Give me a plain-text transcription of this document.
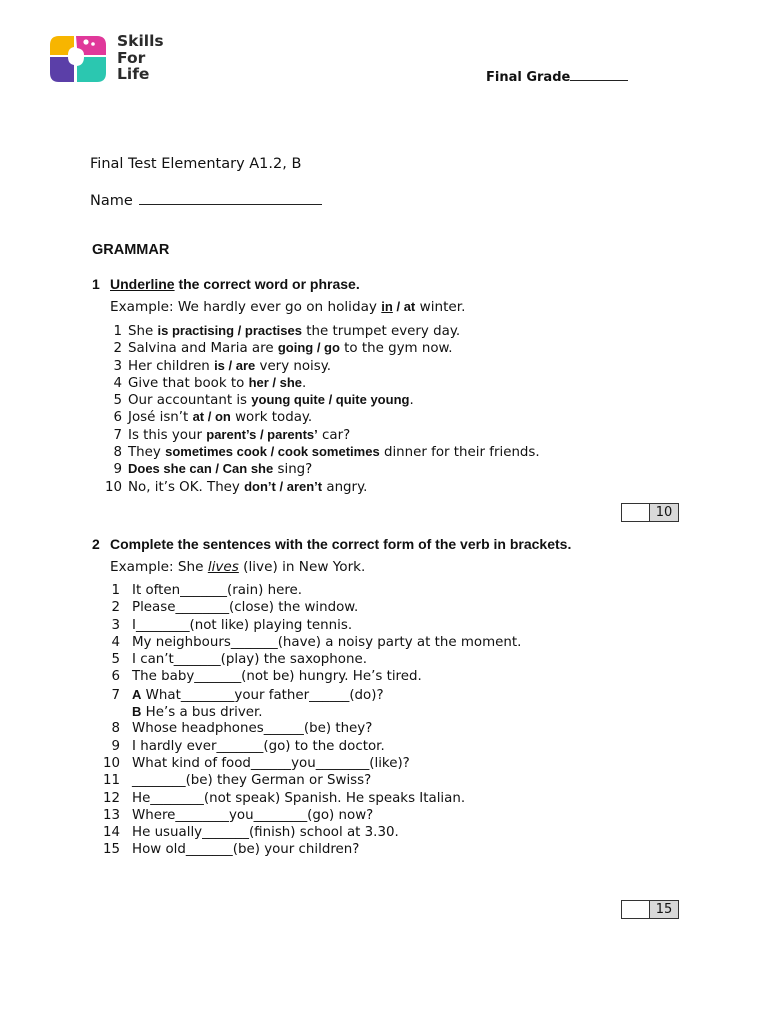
Skills
For
Life	Final Grade
Final Test Elementary A1.2, B
Name
GRAMMAR
1 Underline the correct word or phrase.
Example: We hardly ever go on holiday in / at winter.
1 She is practising / practises the trumpet every day.
2 Salvina and Maria are going / go to the gym now.
3 Her children is / are very noisy.
4 Give that book to her / she.
5 Our accountant is young quite / quite young.
6 José isn’t at / on work today.
7 Is this your parent’s / parents’ car?
8 They sometimes cook / cook sometimes dinner for their friends.
9 Does she can / Can she sing?
10 No, it’s OK. They don’t / aren’t angry.
10
2 Complete the sentences with the correct form of the verb in brackets.
Example: She lives (live) in New York.
1 It often_______(rain) here.
2 Please________(close) the window.
3 I________(not like) playing tennis.
4 My neighbours_______(have) a noisy party at the moment.
5 I can’t_______(play) the saxophone.
6 The baby_______(not be) hungry. He’s tired.
7 A What________your father______(do)?
B He’s a bus driver.
8 Whose headphones______(be) they?
9 I hardly ever_______(go) to the doctor.
10 What kind of food______you________(like)?
11 ________(be) they German or Swiss?
12 He________(not speak) Spanish. He speaks Italian.
13 Where________you________(go) now?
14 He usually_______(finish) school at 3.30.
15 How old_______(be) your children?
15
